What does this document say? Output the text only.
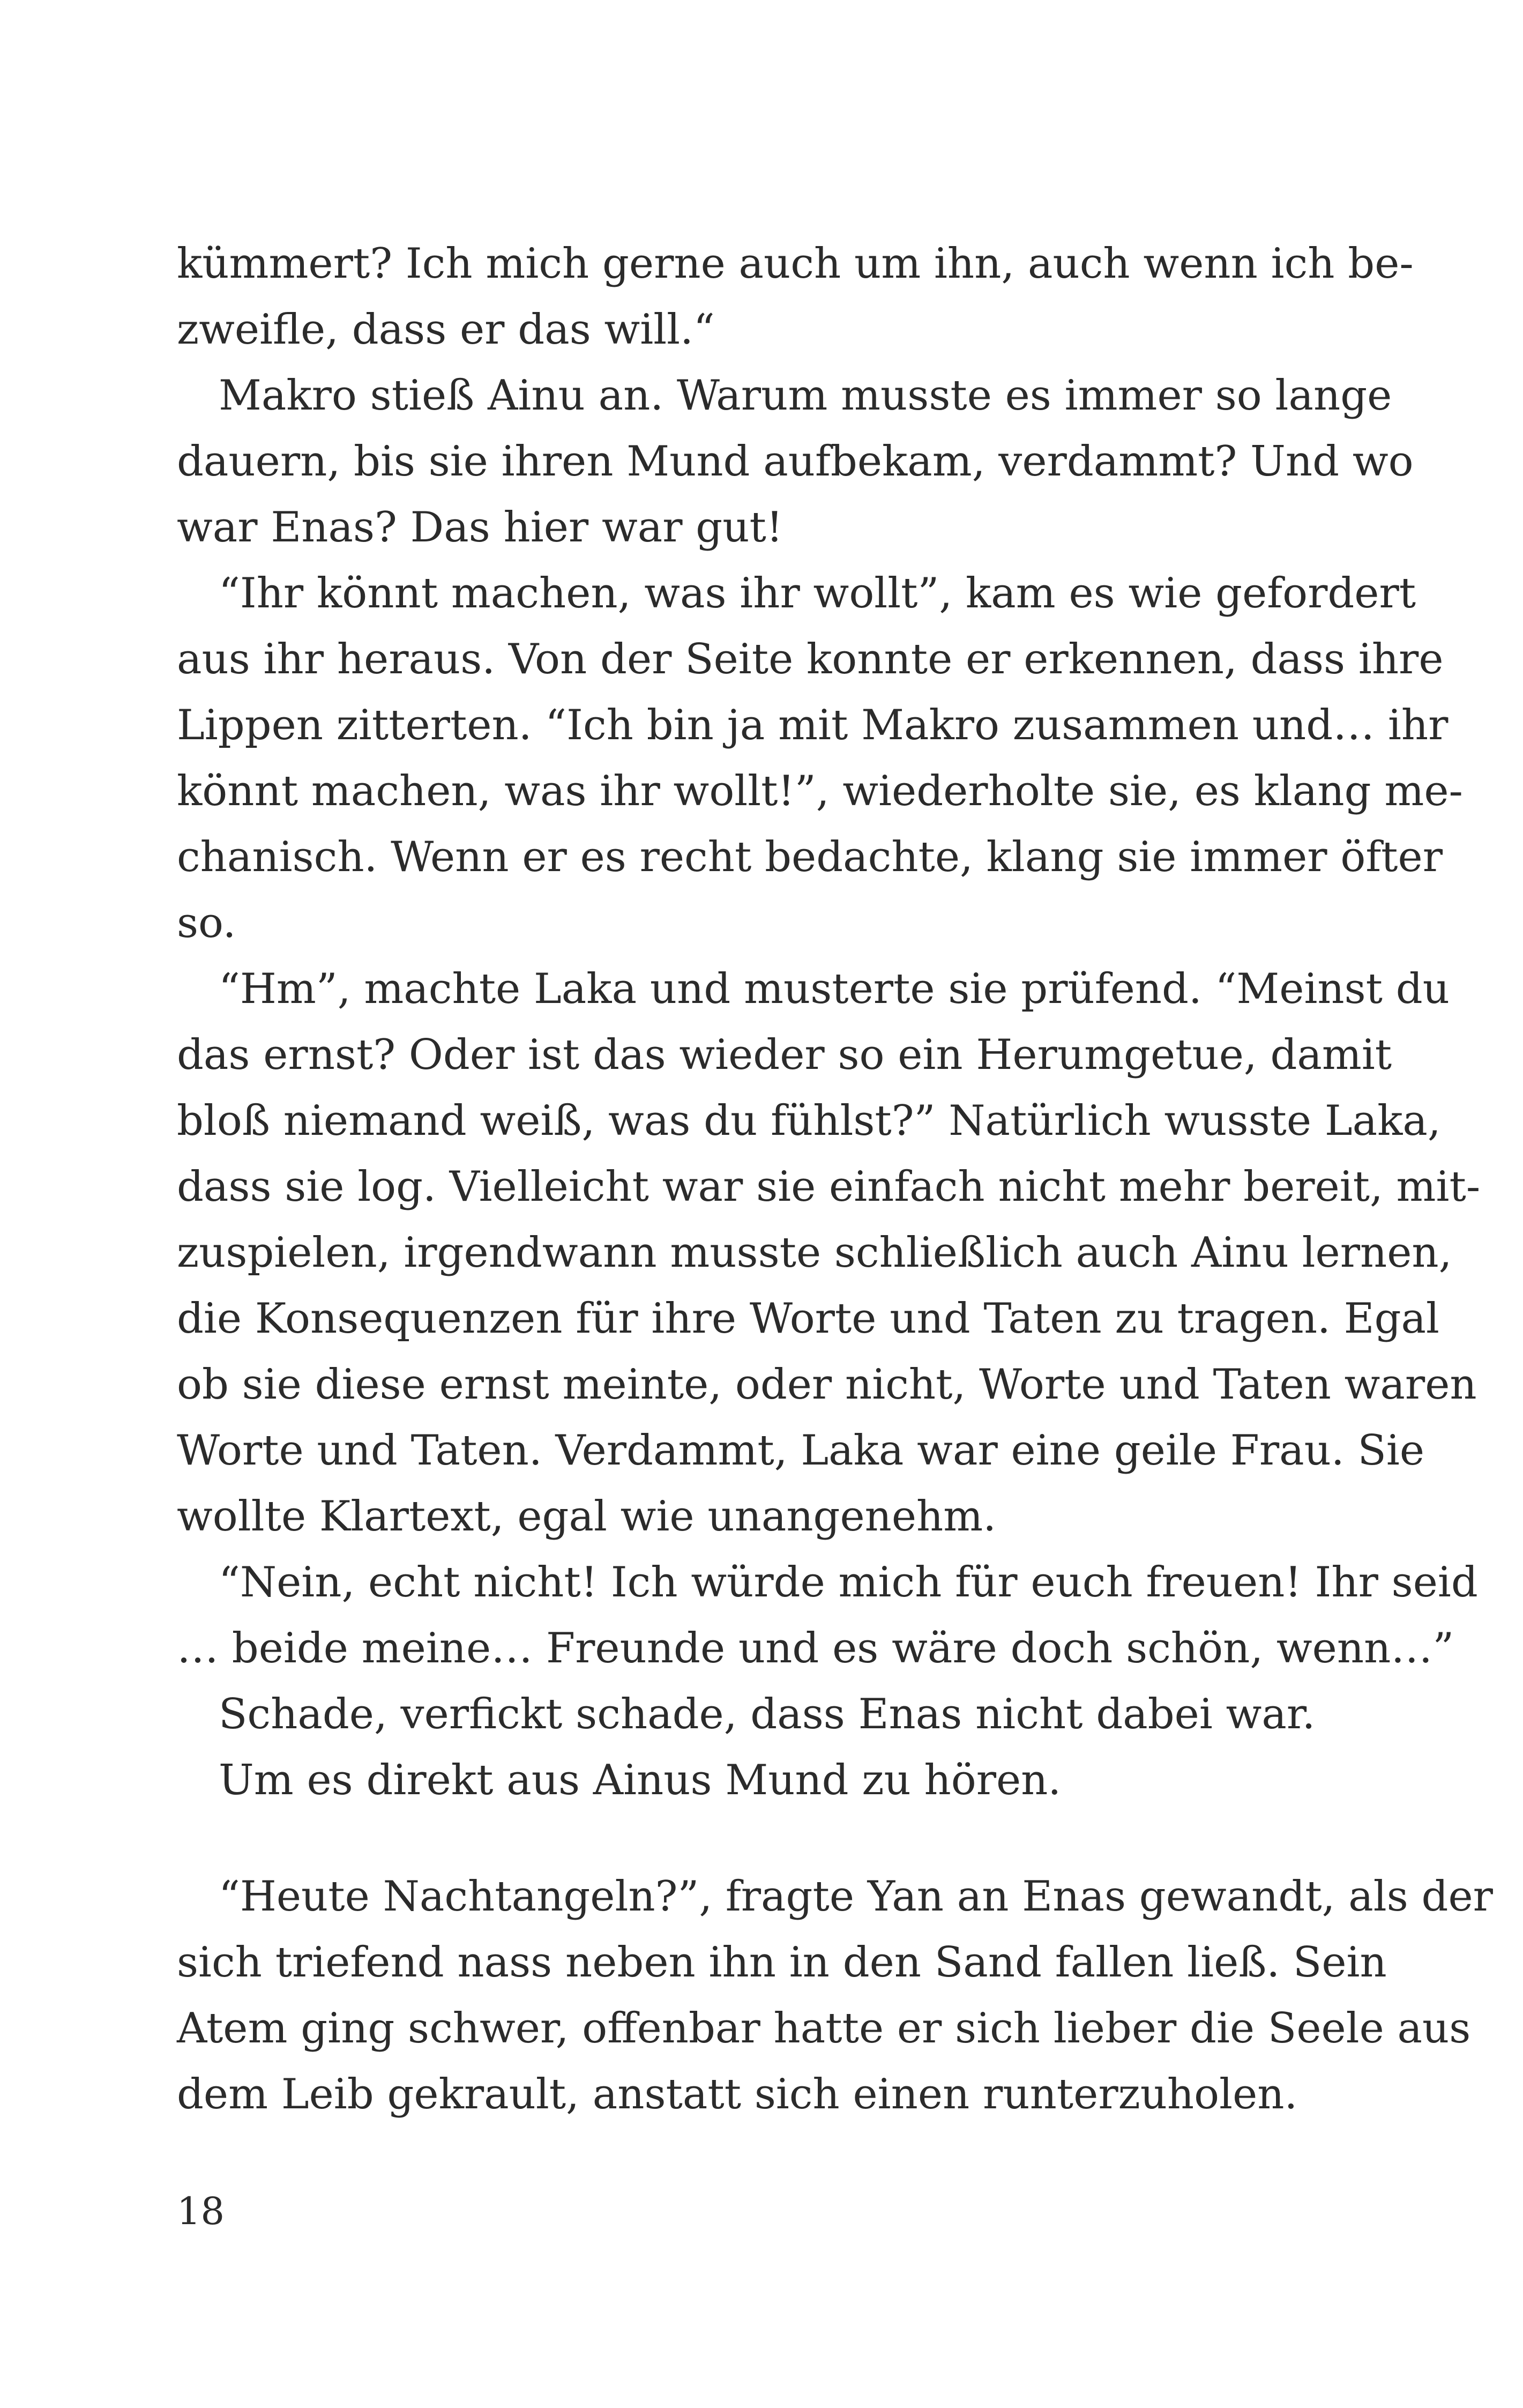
kümmert? Ich mich gerne auch um ihn, auch wenn ich be-
zweifle, dass er das will.“
Makro stieß Ainu an. Warum musste es immer so lange
dauern, bis sie ihren Mund aufbekam, verdammt? Und wo
war Enas? Das hier war gut!
“Ihr könnt machen, was ihr wollt”, kam es wie gefordert
aus ihr heraus. Von der Seite konnte er erkennen, dass ihre
Lippen zitterten. “Ich bin ja mit Makro zusammen und… ihr
könnt machen, was ihr wollt!”, wiederholte sie, es klang me-
chanisch. Wenn er es recht bedachte, klang sie immer öfter
so.
“Hm”, machte Laka und musterte sie prüfend. “Meinst du
das ernst? Oder ist das wieder so ein Herumgetue, damit
bloß niemand weiß, was du fühlst?” Natürlich wusste Laka,
dass sie log. Vielleicht war sie einfach nicht mehr bereit, mit-
zuspielen, irgendwann musste schließlich auch Ainu lernen,
die Konsequenzen für ihre Worte und Taten zu tragen. Egal
ob sie diese ernst meinte, oder nicht, Worte und Taten waren
Worte und Taten. Verdammt, Laka war eine geile Frau. Sie
wollte Klartext, egal wie unangenehm.
“Nein, echt nicht! Ich würde mich für euch freuen! Ihr seid
… beide meine… Freunde und es wäre doch schön, wenn…”
Schade, verfickt schade, dass Enas nicht dabei war.
Um es direkt aus Ainus Mund zu hören.
“Heute Nachtangeln?”, fragte Yan an Enas gewandt, als der
sich triefend nass neben ihn in den Sand fallen ließ. Sein
Atem ging schwer, offenbar hatte er sich lieber die Seele aus
dem Leib gekrault, anstatt sich einen runterzuholen.
18
